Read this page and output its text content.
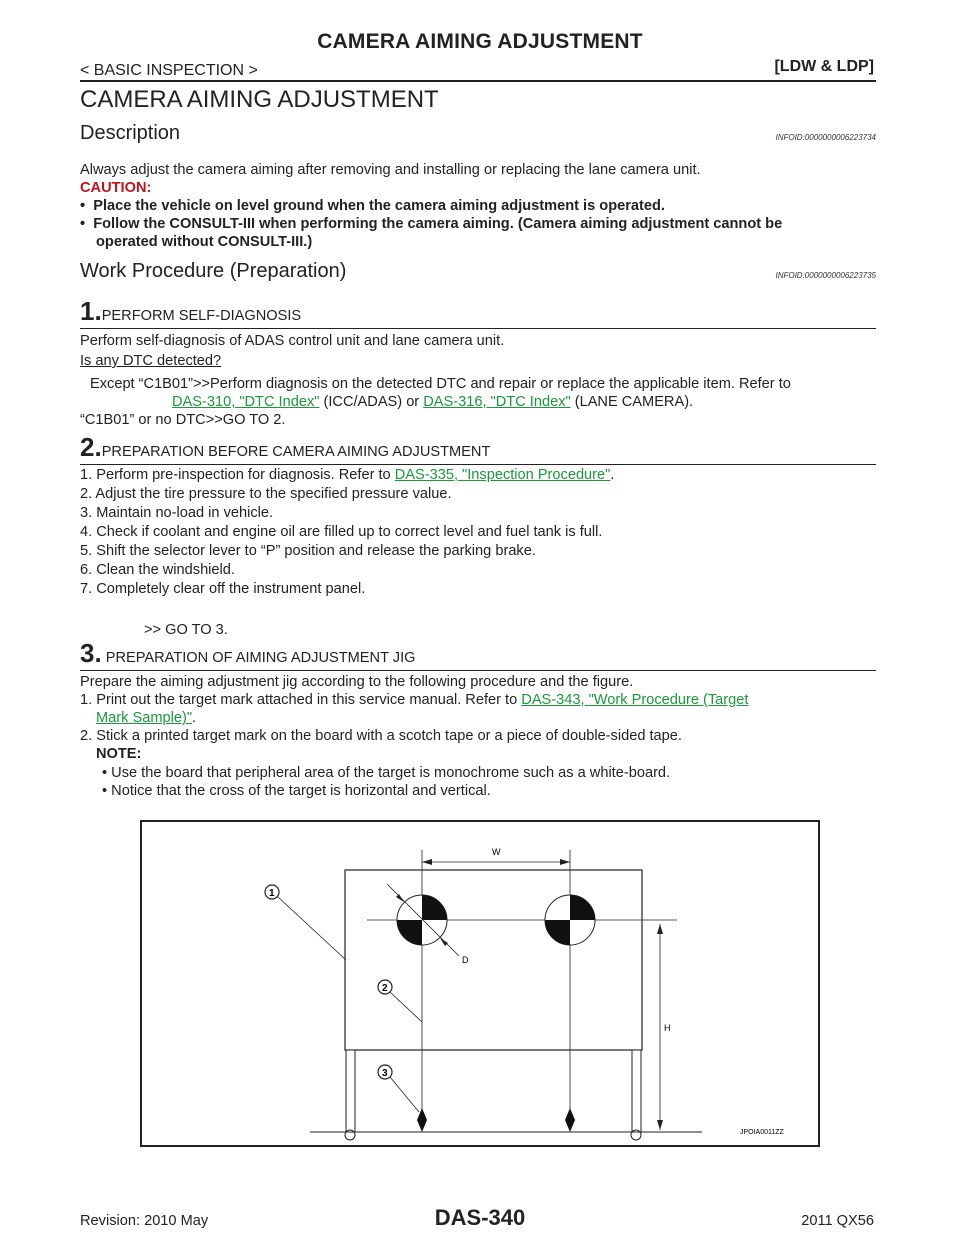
CAMERA AIMING ADJUSTMENT
< BASIC INSPECTION >	[LDW & LDP]
CAMERA AIMING ADJUSTMENT
Description	INFOID:0000000006223734
Always adjust the camera aiming after removing and installing or replacing the lane camera unit.
CAUTION:
•  Place the vehicle on level ground when the camera aiming adjustment is operated.
•  Follow the CONSULT-III when performing the camera aiming. (Camera aiming adjustment cannot be
operated without CONSULT-III.)
Work Procedure (Preparation)	INFOID:0000000006223735
1.PERFORM SELF-DIAGNOSIS
Perform self-diagnosis of ADAS control unit and lane camera unit.
Is any DTC detected?
Except “C1B01”>>Perform diagnosis on the detected DTC and repair or replace the applicable item. Refer to
DAS-310, "DTC Index" (ICC/ADAS) or DAS-316, "DTC Index" (LANE CAMERA).
“C1B01” or no DTC>>GO TO 2.
2.PREPARATION BEFORE CAMERA AIMING ADJUSTMENT
1. Perform pre-inspection for diagnosis. Refer to DAS-335, "Inspection Procedure".
2. Adjust the tire pressure to the specified pressure value.
3. Maintain no-load in vehicle.
4. Check if coolant and engine oil are filled up to correct level and fuel tank is full.
5. Shift the selector lever to “P” position and release the parking brake.
6. Clean the windshield.
7. Completely clear off the instrument panel.
>> GO TO 3.
3. PREPARATION OF AIMING ADJUSTMENT JIG
Prepare the aiming adjustment jig according to the following procedure and the figure.
1. Print out the target mark attached in this service manual. Refer to DAS-343, "Work Procedure (Target
Mark Sample)".
2. Stick a printed target mark on the board with a scotch tape or a piece of double-sided tape.
NOTE:
• Use the board that peripheral area of the target is monochrome such as a white-board.
• Notice that the cross of the target is horizontal and vertical.
W
D
H
1
2
3
JPOIA0011ZZ
Revision: 2010 May	DAS-340	2011 QX56
